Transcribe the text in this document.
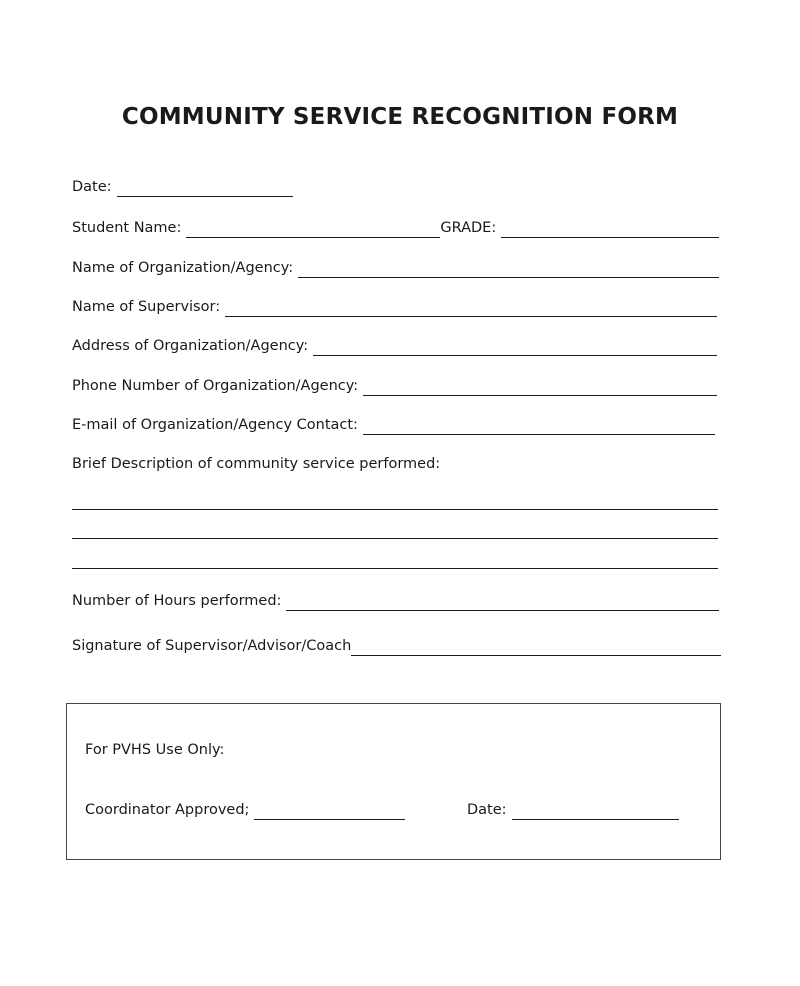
COMMUNITY SERVICE RECOGNITION FORM
Date:
Student Name:	GRADE:
Name of Organization/Agency:
Name of Supervisor:
Address of Organization/Agency:
Phone Number of Organization/Agency:
E-mail of Organization/Agency Contact:
Brief Description of community service performed:
Number of Hours performed:
Signature of Supervisor/Advisor/Coach
For PVHS Use Only:
Coordinator Approved;	Date:
